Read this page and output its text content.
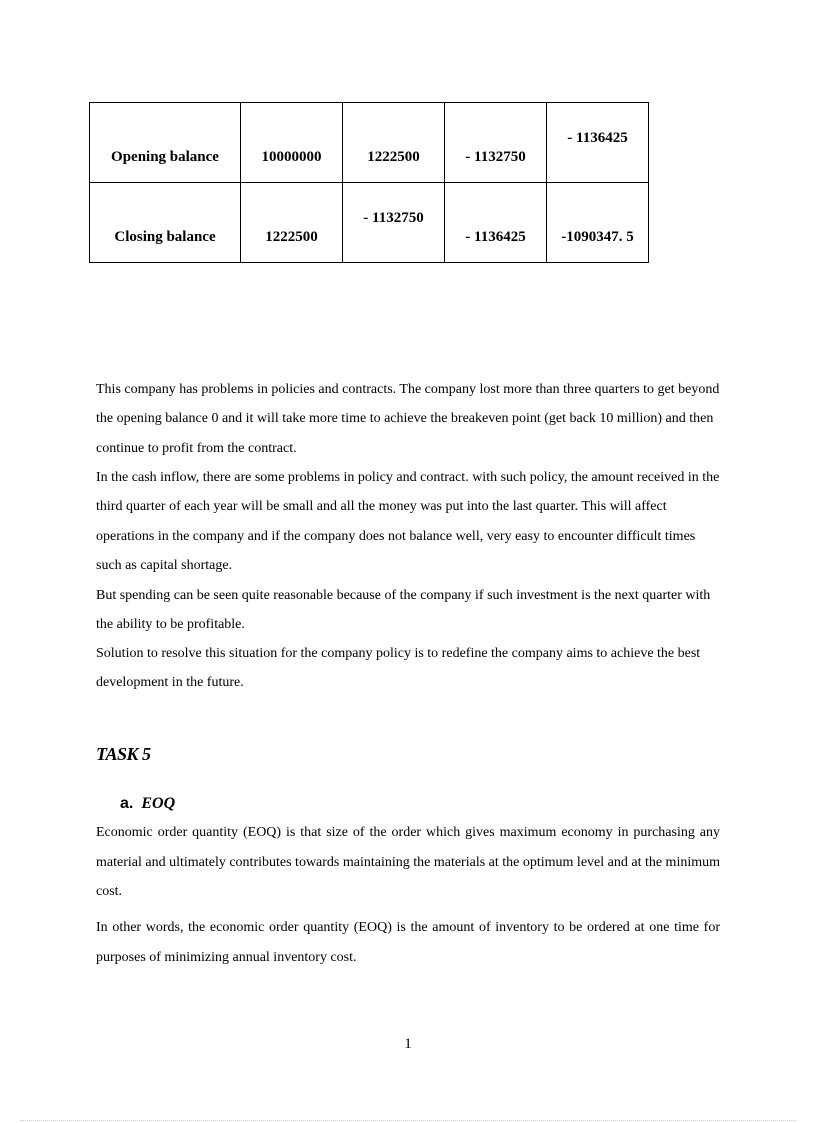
Opening balance	10000000	1222500	- 1132750	- 1136425

Closing balance	1222500	- 1132750	- 1136425	-1090347. 5

This company has problems in policies and contracts. The company lost more than three quarters to get beyond the opening balance 0 and it will take more time to achieve the breakeven point (get back 10 million) and then continue to profit from the contract.

In the cash inflow, there are some problems in policy and contract. with such policy, the amount received in the third quarter of each year will be small and all the money was put into the last quarter. This will affect operations in the company and if the company does not balance well, very easy to encounter difficult times such as capital shortage.

But spending can be seen quite reasonable because of the company if such investment is the next quarter with the ability to be profitable.

Solution to resolve this situation for the company policy is to redefine the company aims to achieve the best development in the future.

TASK 5
a. EOQ

Economic order quantity (EOQ) is that size of the order which gives maximum economy in purchasing any material and ultimately contributes towards maintaining the materials at the optimum level and at the minimum cost.

In other words, the economic order quantity (EOQ) is the amount of inventory to be ordered at one time for purposes of minimizing annual inventory cost.

1
